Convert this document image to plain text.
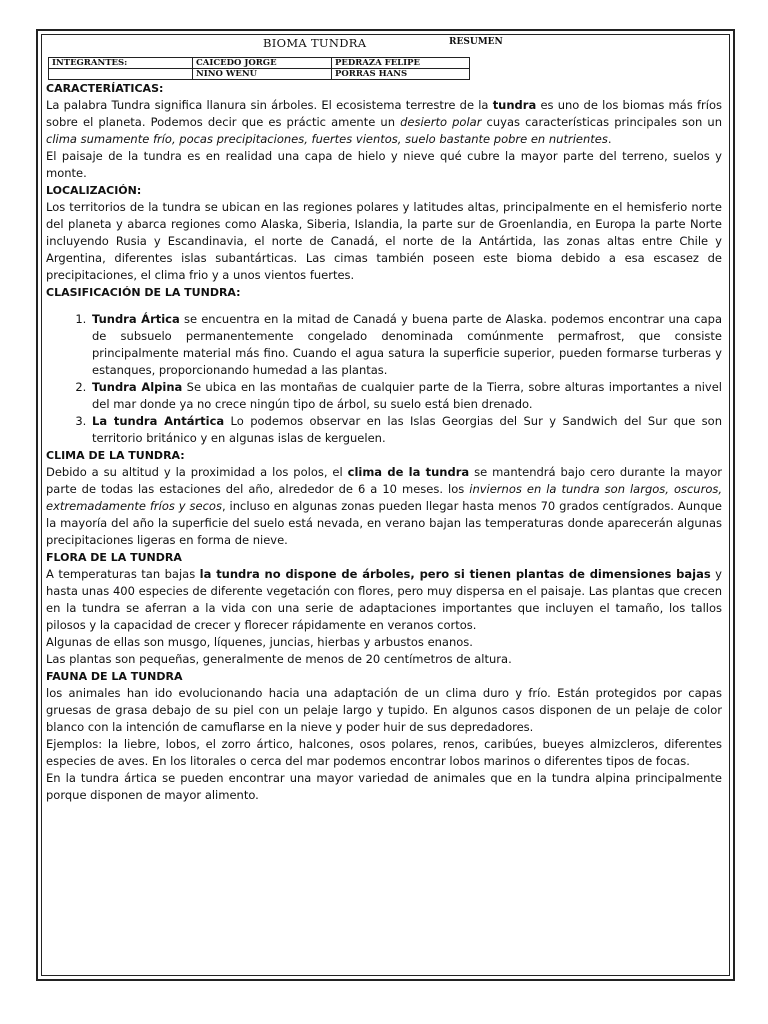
BIOMA TUNDRA	RESUMEN
INTEGRANTES:	CAICEDO JORGE	PEDRAZA FELIPE
	NIÑO WENÚ	PORRAS HANS

CARACTERÍATICAS:

La palabra Tundra significa llanura sin árboles. El ecosistema terrestre de la tundra es uno de los biomas más fríos sobre el planeta. Podemos decir que es práctic amente un desierto polar cuyas características principales son un clima sumamente frío, pocas precipitaciones, fuertes vientos, suelo bastante pobre en nutrientes.

El paisaje de la tundra es en realidad una capa de hielo y nieve qué cubre la mayor parte del terreno, suelos y monte.

LOCALIZACIÓN:

Los territorios de la tundra se ubican en las regiones polares y latitudes altas, principalmente en el hemisferio norte del planeta y abarca regiones como Alaska, Siberia, Islandia, la parte sur de Groenlandia, en Europa la parte Norte incluyendo Rusia y Escandinavia, el norte de Canadá, el norte de la Antártida, las zonas altas entre Chile y Argentina, diferentes islas subantárticas. Las cimas también poseen este bioma debido a esa escasez de precipitaciones, el clima frio y a unos vientos fuertes.

CLASIFICACIÓN DE LA TUNDRA:

1. Tundra Ártica se encuentra en la mitad de Canadá y buena parte de Alaska. podemos encontrar una capa de subsuelo permanentemente congelado denominada comúnmente permafrost, que consiste principalmente material más fino. Cuando el agua satura la superficie superior, pueden formarse turberas y estanques, proporcionando humedad a las plantas.
2. Tundra Alpina Se ubica en las montañas de cualquier parte de la Tierra, sobre alturas importantes a nivel del mar donde ya no crece ningún tipo de árbol, su suelo está bien drenado.
3. La tundra Antártica Lo podemos observar en las Islas Georgias del Sur y Sandwich del Sur que son territorio británico y en algunas islas de kerguelen.

CLIMA DE LA TUNDRA:

Debido a su altitud y la proximidad a los polos, el clima de la tundra se mantendrá bajo cero durante la mayor parte de todas las estaciones del año, alrededor de 6 a 10 meses. los inviernos en la tundra son largos, oscuros, extremadamente fríos y secos, incluso en algunas zonas pueden llegar hasta menos 70 grados centígrados. Aunque la mayoría del año la superficie del suelo está nevada, en verano bajan las temperaturas donde aparecerán algunas precipitaciones ligeras en forma de nieve.

FLORA DE LA TUNDRA

A temperaturas tan bajas la tundra no dispone de árboles, pero si tienen plantas de dimensiones bajas y hasta unas 400 especies de diferente vegetación con flores, pero muy dispersa en el paisaje. Las plantas que crecen en la tundra se aferran a la vida con una serie de adaptaciones importantes que incluyen el tamaño, los tallos pilosos y la capacidad de crecer y florecer rápidamente en veranos cortos.

Algunas de ellas son musgo, líquenes, juncias, hierbas y arbustos enanos.

Las plantas son pequeñas, generalmente de menos de 20 centímetros de altura.

FAUNA DE LA TUNDRA

los animales han ido evolucionando hacia una adaptación de un clima duro y frío. Están protegidos por capas gruesas de grasa debajo de su piel con un pelaje largo y tupido. En algunos casos disponen de un pelaje de color blanco con la intención de camuflarse en la nieve y poder huir de sus depredadores.

Ejemplos: la liebre, lobos, el zorro ártico, halcones, osos polares, renos, caribúes, bueyes almizcleros, diferentes especies de aves. En los litorales o cerca del mar podemos encontrar lobos marinos o diferentes tipos de focas.

En la tundra ártica se pueden encontrar una mayor variedad de animales que en la tundra alpina principalmente porque disponen de mayor alimento.
